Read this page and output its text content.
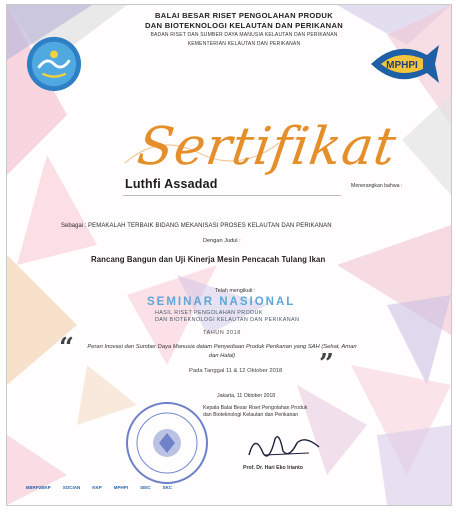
MPHPI
BALAI BESAR RISET PENGOLAHAN PRODUK
DAN BIOTEKNOLOGI KELAUTAN DAN PERIKANAN
BADAN RISET DAN SUMBER DAYA MANUSIA KELAUTAN DAN PERIKANAN
KEMENTERIAN KELAUTAN DAN PERIKANAN
Sertifikat
Menerangkan bahwa :
Luthfi Assadad
Sebagai : PEMAKALAH TERBAIK BIDANG MEKANISASI PROSES KELAUTAN DAN PERIKANAN
Dengan Judul :
Rancang Bangun dan Uji Kinerja Mesin Pencacah Tulang Ikan
Telah mengikuti :
SEMINAR NASIONAL
HASIL RISET PENGOLAHAN PRODUK
DAN BIOTEKNOLOGI KELAUTAN DAN PERIKANAN
TAHUN 2018
“ Peran Inovasi dan Sumber Daya Manusia dalam Penyediaan Produk Perikanan yang SAH (Sehat, Aman dan Halal)	”
Pada Tanggal 11 & 12 Oktober 2018
Jakarta, 11 Oktober 2018
Kepala Balai Besar Riset Pengolahan Produk
dan Bioteknologi Kelautan dan Perikanan
Prof. Dr. Hari Eko Irianto
BBRP2BKP	SOCIAN	KKP	MPHPI	SEIC	SKC
